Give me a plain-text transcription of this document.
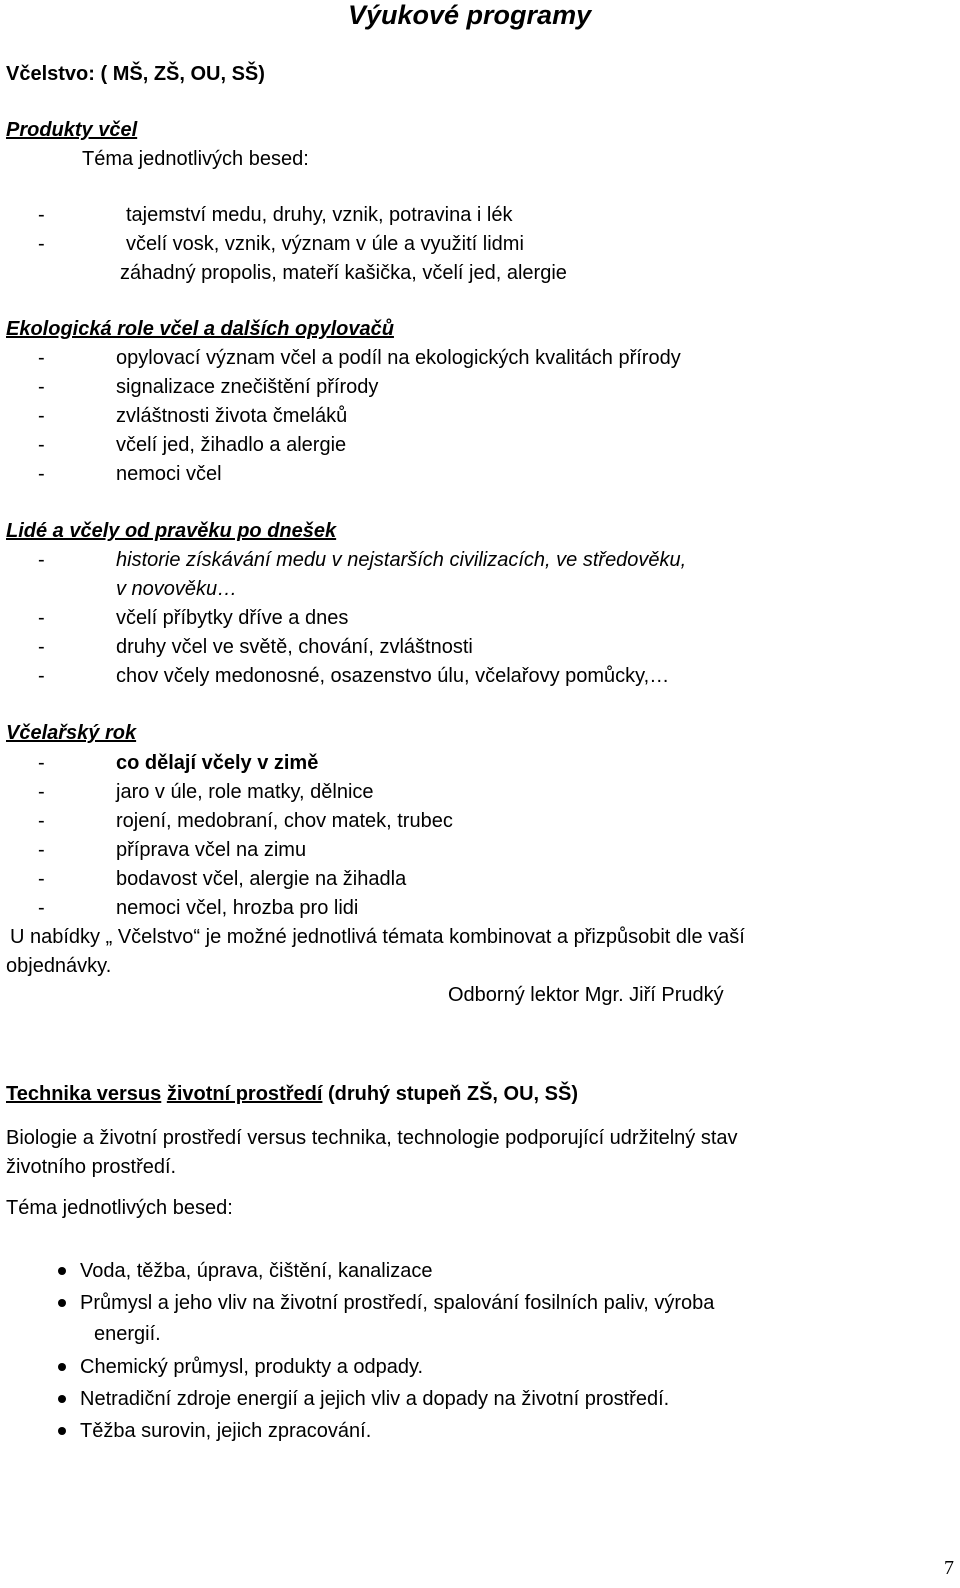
Výukové programy
Včelstvo: ( MŠ, ZŠ, OU, SŠ)
Produkty včel
Téma jednotlivých besed:
-	tajemství medu, druhy, vznik, potravina i lék
-	včelí vosk, vznik, význam v úle a využití lidmi
záhadný propolis, mateří kašička, včelí jed, alergie
Ekologická role včel a dalších opylovačů
-	opylovací význam včel a podíl na ekologických kvalitách přírody
-	signalizace znečištění přírody
-	zvláštnosti života čmeláků
-	včelí jed, žihadlo a alergie
-	nemoci včel
Lidé a včely od pravěku po dnešek
-	historie získávání medu v nejstarších civilizacích, ve středověku,
v novověku…
-	včelí příbytky dříve a dnes
-	druhy včel ve světě, chování, zvláštnosti
-	chov včely medonosné, osazenstvo úlu, včelařovy pomůcky,…
Včelařský rok
-	co dělají včely v zimě
-	jaro v úle, role matky, dělnice
-	rojení, medobraní, chov matek, trubec
-	příprava včel na zimu
-	bodavost včel, alergie na žihadla
-	nemoci včel, hrozba pro lidi
U nabídky „ Včelstvo“ je možné jednotlivá témata kombinovat a přizpůsobit dle vaší
objednávky.
Odborný lektor Mgr. Jiří Prudký
Technika versus životní prostředí (druhý stupeň ZŠ, OU, SŠ)
Biologie a životní prostředí versus technika, technologie podporující udržitelný stav
životního prostředí.
Téma jednotlivých besed:
Voda, těžba, úprava, čištění, kanalizace
Průmysl a jeho vliv na životní prostředí, spalování fosilních paliv, výroba
energií.
Chemický průmysl, produkty a odpady.
Netradiční zdroje energií a jejich vliv a dopady na životní prostředí.
Těžba surovin, jejich zpracování.
7
